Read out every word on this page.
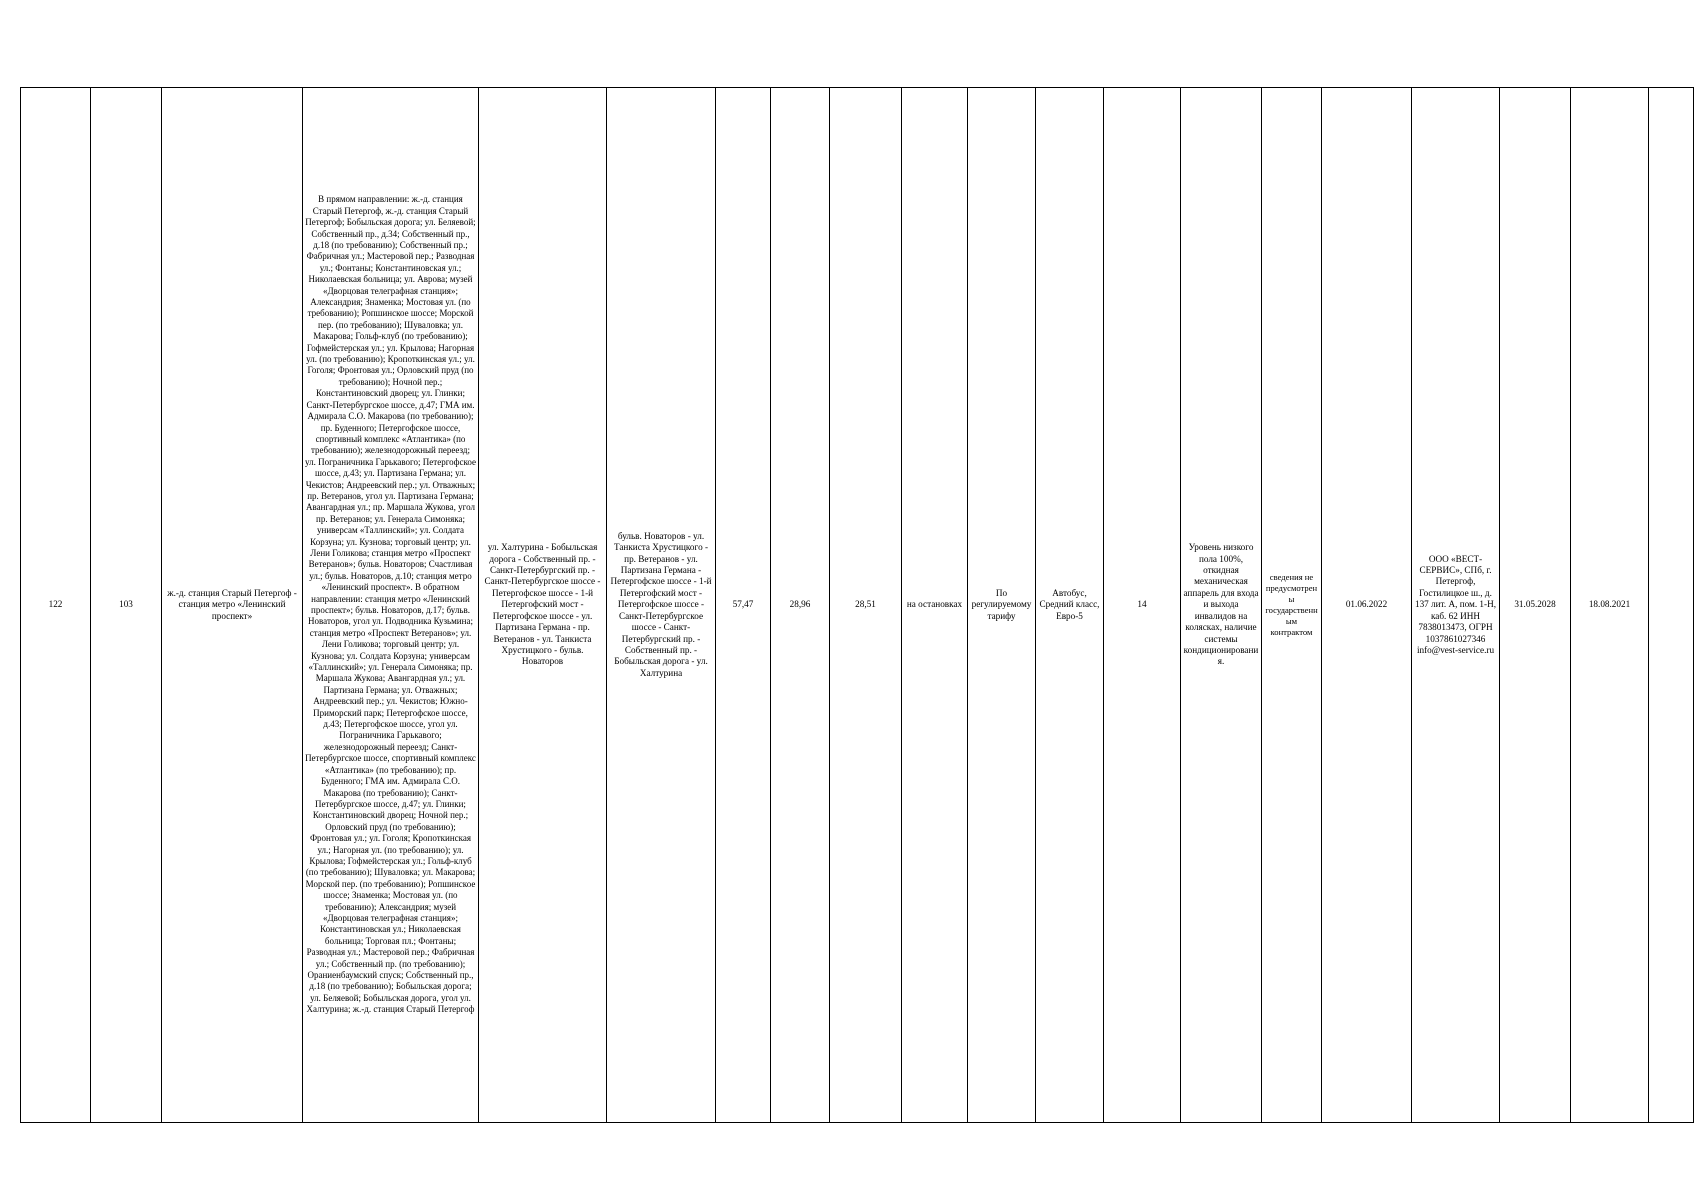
122	103	ж.-д. станция Старый Петергоф - станция метро «Ленинский проспект»	В прямом направлении: ж.-д. станция Старый Петергоф, ж.-д. станция Старый Петергоф; Бобыльская дорога; ул. Беляевой; Собственный пр., д.34; Собственный пр., д.18 (по требованию); Собственный пр.; Фабричная ул.; Мастеровой пер.; Разводная ул.; Фонтаны; Константиновская ул.; Николаевская больница; ул. Аврова; музей «Дворцовая телеграфная станция»; Александрия; Знаменка; Мостовая ул. (по требованию); Ропшинское шоссе; Морской пер. (по требованию); Шуваловка; ул. Макарова; Гольф-клуб (по требованию); Гофмейстерская ул.; ул. Крылова; Нагорная ул. (по требованию); Кропоткинская ул.; ул. Гоголя; Фронтовая ул.; Орловский пруд (по требованию); Ночной пер.; Константиновский дворец; ул. Глинки; Санкт-Петербургское шоссе, д.47; ГМА им. Адмирала С.О. Макарова (по требованию); пр. Буденного; Петергофское шоссе, спортивный комплекс «Атлантика» (по требованию); железнодорожный переезд; ул. Пограничника Гарькавого; Петергофское шоссе, д.43; ул. Партизана Германа; ул. Чекистов; Андреевский пер.; ул. Отважных; пр. Ветеранов, угол ул. Партизана Германа; Авангардная ул.; пр. Маршала Жукова, угол пр. Ветеранов; ул. Генерала Симоняка; универсам «Таллинский»; ул. Солдата Корзуна; ул. Кузнова; торговый центр; ул. Лени Голикова; станция метро «Проспект Ветеранов»; бульв. Новаторов; Счастливая ул.; бульв. Новаторов, д.10; станция метро «Ленинский проспект». В обратном направлении: станция метро «Ленинский проспект»; бульв. Новаторов, д.17; бульв. Новаторов, угол ул. Подводника Кузьмина; станция метро «Проспект Ветеранов»; ул. Лени Голикова; торговый центр; ул. Кузнова; ул. Солдата Корзуна; универсам «Таллинский»; ул. Генерала Симоняка; пр. Маршала Жукова; Авангардная ул.; ул. Партизана Германа; ул. Отважных; Андреевский пер.; ул. Чекистов; Южно-Приморский парк; Петергофское шоссе, д.43; Петергофское шоссе, угол ул. Пограничника Гарькавого; железнодорожный переезд; Санкт-Петербургское шоссе, спортивный комплекс «Атлантика» (по требованию); пр. Буденного; ГМА им. Адмирала С.О. Макарова (по требованию); Санкт-Петербургское шоссе, д.47; ул. Глинки; Константиновский дворец; Ночной пер.; Орловский пруд (по требованию); Фронтовая ул.; ул. Гоголя; Кропоткинская ул.; Нагорная ул. (по требованию); ул. Крылова; Гофмейстерская ул.; Гольф-клуб (по требованию); Шуваловка; ул. Макарова; Морской пер. (по требованию); Ропшинское шоссе; Знаменка; Мостовая ул. (по требованию); Александрия; музей «Дворцовая телеграфная станция»; Константиновская ул.; Николаевская больница; Торговая пл.; Фонтаны; Разводная ул.; Мастеровой пер.; Фабричная ул.; Собственный пр. (по требованию); Ораниенбаумский спуск; Собственный пр., д.18 (по требованию); Бобыльская дорога; ул. Беляевой; Бобыльская дорога, угол ул. Халтурина; ж.-д. станция Старый Петергоф	ул. Халтурина - Бобыльская дорога - Собственный пр. - Санкт-Петербургский пр. - Санкт-Петербургское шоссе - Петергофское шоссе - 1-й Петергофский мост - Петергофское шоссе - ул. Партизана Германа - пр. Ветеранов - ул. Танкиста Хрустицкого - бульв. Новаторов	бульв. Новаторов - ул. Танкиста Хрустицкого - пр. Ветеранов - ул. Партизана Германа - Петергофское шоссе - 1-й Петергофский мост - Петергофское шоссе - Санкт-Петербургское шоссе - Санкт-Петербургский пр. - Собственный пр. - Бобыльская дорога - ул. Халтурина	57,47	28,96	28,51	на остановках	По регулируемому тарифу	Автобус, Средний класс, Евро-5	14	Уровень низкого пола 100%, откидная механическая аппарель для входа и выхода инвалидов на колясках, наличие системы кондиционирования.	сведения не предусмотрены государственным контрактом	01.06.2022	ООО «ВЕСТ-СЕРВИС», СПб, г. Петергоф, Гостилицкое ш., д. 137 лит. А, пом. 1-Н, каб. 62 ИНН 7838013473, ОГРН 1037861027346 info@vest-service.ru	31.05.2028	18.08.2021	
